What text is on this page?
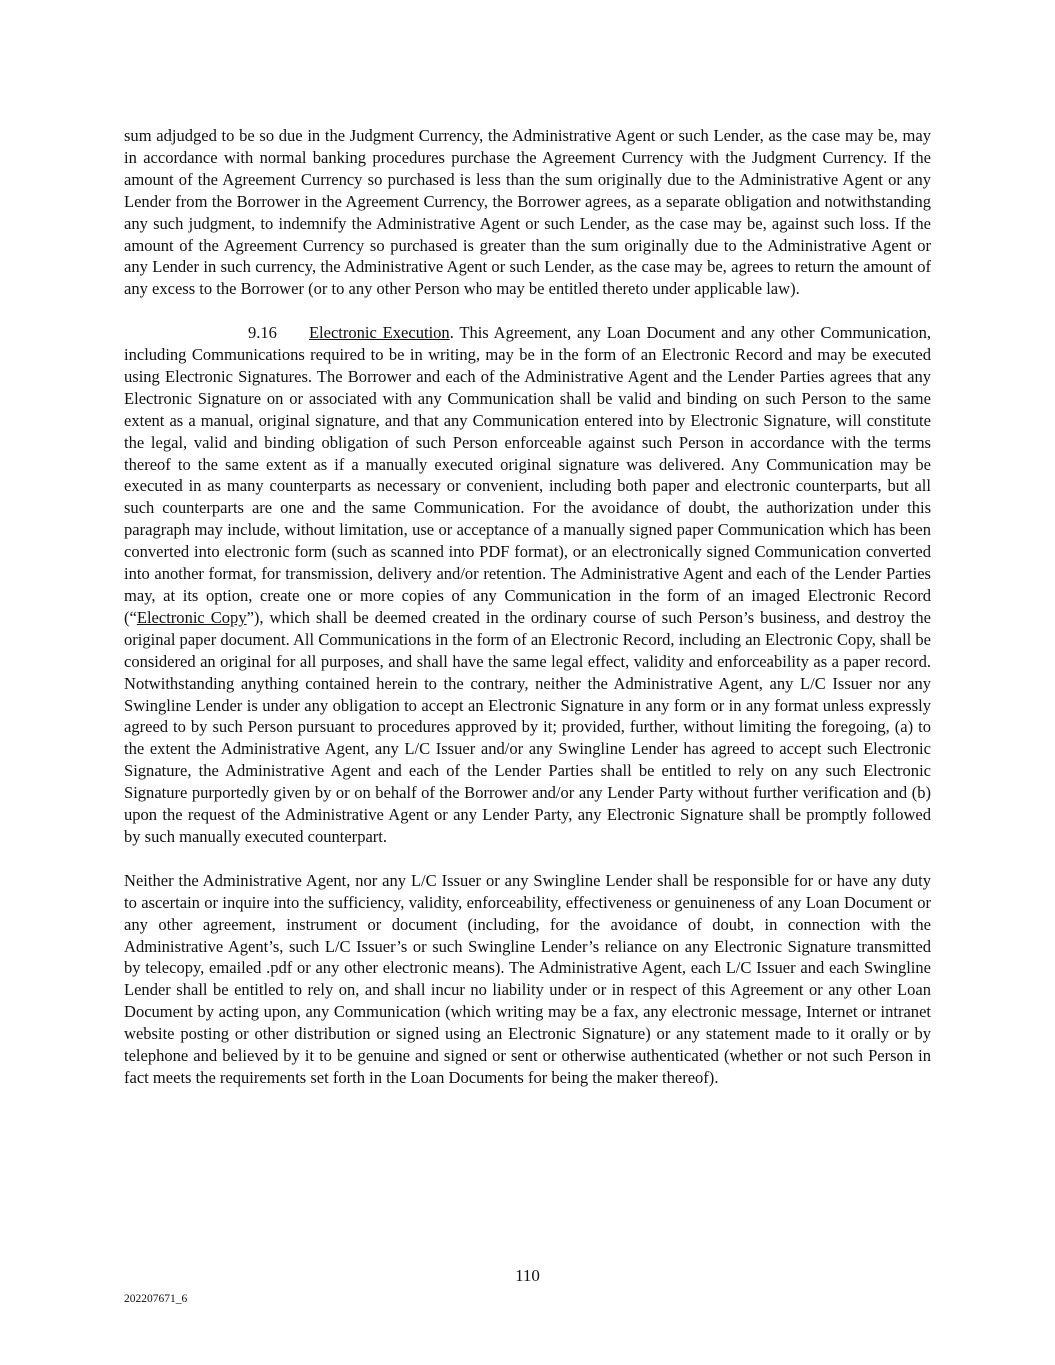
sum adjudged to be so due in the Judgment Currency, the Administrative Agent or such Lender, as the case may be, may in accordance with normal banking procedures purchase the Agreement Currency with the Judgment Currency. If the amount of the Agreement Currency so purchased is less than the sum originally due to the Administrative Agent or any Lender from the Borrower in the Agreement Currency, the Borrower agrees, as a separate obligation and notwithstanding any such judgment, to indemnify the Administrative Agent or such Lender, as the case may be, against such loss. If the amount of the Agreement Currency so purchased is greater than the sum originally due to the Administrative Agent or any Lender in such currency, the Administrative Agent or such Lender, as the case may be, agrees to return the amount of any excess to the Borrower (or to any other Person who may be entitled thereto under applicable law).

9.16 Electronic Execution. This Agreement, any Loan Document and any other Communication, including Communications required to be in writing, may be in the form of an Electronic Record and may be executed using Electronic Signatures. The Borrower and each of the Administrative Agent and the Lender Parties agrees that any Electronic Signature on or associated with any Communication shall be valid and binding on such Person to the same extent as a manual, original signature, and that any Communication entered into by Electronic Signature, will constitute the legal, valid and binding obligation of such Person enforceable against such Person in accordance with the terms thereof to the same extent as if a manually executed original signature was delivered. Any Communication may be executed in as many counterparts as necessary or convenient, including both paper and electronic counterparts, but all such counterparts are one and the same Communication. For the avoidance of doubt, the authorization under this paragraph may include, without limitation, use or acceptance of a manually signed paper Communication which has been converted into electronic form (such as scanned into PDF format), or an electronically signed Communication converted into another format, for transmission, delivery and/or retention. The Administrative Agent and each of the Lender Parties may, at its option, create one or more copies of any Communication in the form of an imaged Electronic Record (“Electronic Copy”), which shall be deemed created in the ordinary course of such Person’s business, and destroy the original paper document. All Communications in the form of an Electronic Record, including an Electronic Copy, shall be considered an original for all purposes, and shall have the same legal effect, validity and enforceability as a paper record. Notwithstanding anything contained herein to the contrary, neither the Administrative Agent, any L/C Issuer nor any Swingline Lender is under any obligation to accept an Electronic Signature in any form or in any format unless expressly agreed to by such Person pursuant to procedures approved by it; provided, further, without limiting the foregoing, (a) to the extent the Administrative Agent, any L/C Issuer and/or any Swingline Lender has agreed to accept such Electronic Signature, the Administrative Agent and each of the Lender Parties shall be entitled to rely on any such Electronic Signature purportedly given by or on behalf of the Borrower and/or any Lender Party without further verification and (b) upon the request of the Administrative Agent or any Lender Party, any Electronic Signature shall be promptly followed by such manually executed counterpart.

Neither the Administrative Agent, nor any L/C Issuer or any Swingline Lender shall be responsible for or have any duty to ascertain or inquire into the sufficiency, validity, enforceability, effectiveness or genuineness of any Loan Document or any other agreement, instrument or document (including, for the avoidance of doubt, in connection with the Administrative Agent’s, such L/C Issuer’s or such Swingline Lender’s reliance on any Electronic Signature transmitted by telecopy, emailed .pdf or any other electronic means). The Administrative Agent, each L/C Issuer and each Swingline Lender shall be entitled to rely on, and shall incur no liability under or in respect of this Agreement or any other Loan Document by acting upon, any Communication (which writing may be a fax, any electronic message, Internet or intranet website posting or other distribution or signed using an Electronic Signature) or any statement made to it orally or by telephone and believed by it to be genuine and signed or sent or otherwise authenticated (whether or not such Person in fact meets the requirements set forth in the Loan Documents for being the maker thereof).

110
202207671_6
